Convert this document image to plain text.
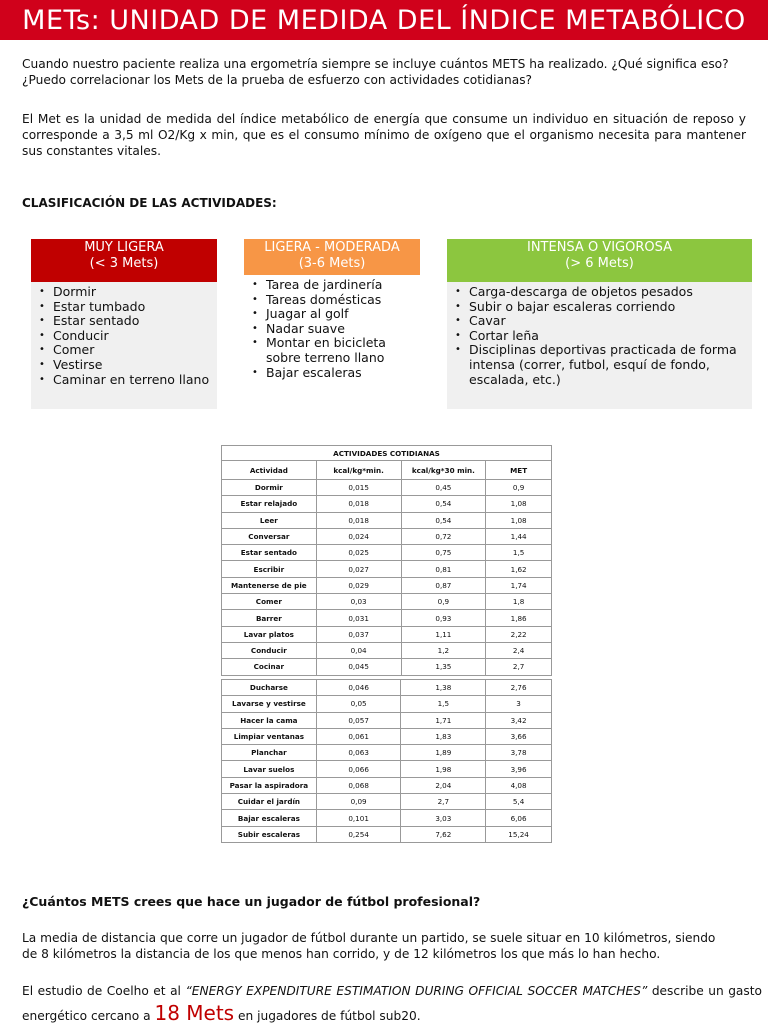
METs: UNIDAD DE MEDIDA DEL ÍNDICE METABÓLICO
Cuando nuestro paciente realiza una ergometría siempre se incluye cuántos METS ha realizado. ¿Qué significa eso? ¿Puedo correlacionar los Mets de la prueba de esfuerzo con actividades cotidianas?
El Met es la unidad de medida del índice metabólico de energía que consume un individuo en situación de reposo y corresponde a 3,5 ml O2/Kg x min, que es el consumo mínimo de oxígeno que el organismo necesita para mantener sus constantes vitales.
CLASIFICACIÓN DE LAS ACTIVIDADES:
MUY LIGERA
(< 3 Mets)
• Dormir
• Estar tumbado
• Estar sentado
• Conducir
• Comer
• Vestirse
• Caminar en terreno llano
LIGERA - MODERADA
(3-6 Mets)
• Tarea de jardinería
• Tareas domésticas
• Juagar al golf
• Nadar suave
• Montar en bicicleta sobre terreno llano
• Bajar escaleras
INTENSA O VIGOROSA
(> 6 Mets)
• Carga-descarga de objetos pesados
• Subir o bajar escaleras corriendo
• Cavar
• Cortar leña
• Disciplinas deportivas practicada de forma intensa (correr, futbol, esquí de fondo, escalada, etc.)
ACTIVIDADES COTIDIANAS			
Actividad	kcal/kg*min.	kcal/kg*30 min.	MET
Dormir	0,015	0,45	0,9
Estar relajado	0,018	0,54	1,08
Leer	0,018	0,54	1,08
Conversar	0,024	0,72	1,44
Estar sentado	0,025	0,75	1,5
Escribir	0,027	0,81	1,62
Mantenerse de pie	0,029	0,87	1,74
Comer	0,03	0,9	1,8
Barrer	0,031	0,93	1,86
Lavar platos	0,037	1,11	2,22
Conducir	0,04	1,2	2,4
Cocinar	0,045	1,35	2,7
Ducharse	0,046	1,38	2,76
Lavarse y vestirse	0,05	1,5	3
Hacer la cama	0,057	1,71	3,42
Limpiar ventanas	0,061	1,83	3,66
Planchar	0,063	1,89	3,78
Lavar suelos	0,066	1,98	3,96
Pasar la aspiradora	0,068	2,04	4,08
Cuidar el jardín	0,09	2,7	5,4
Bajar escaleras	0,101	3,03	6,06
Subir escaleras	0,254	7,62	15,24
¿Cuántos METS crees que hace un jugador de fútbol profesional?
La media de distancia que corre un jugador de fútbol durante un partido, se suele situar en 10 kilómetros, siendo de 8 kilómetros la distancia de los que menos han corrido, y de 12 kilómetros los que más lo han hecho.
El estudio de Coelho et al “ENERGY EXPENDITURE ESTIMATION DURING OFFICIAL SOCCER MATCHES” describe un gasto energético cercano a 18 Mets en jugadores de fútbol sub20.
